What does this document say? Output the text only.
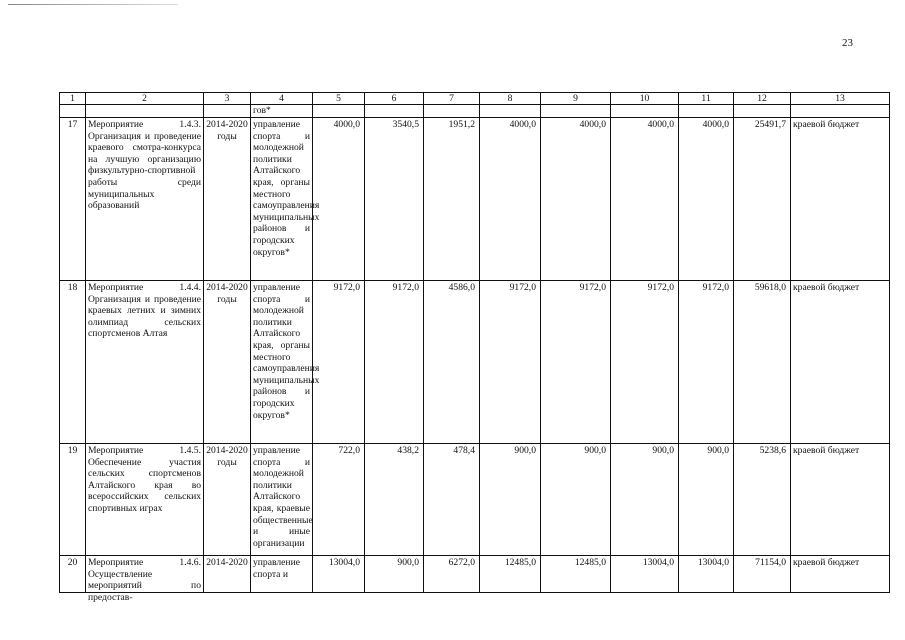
23
1	2	3	4	5	6	7	8	9	10	11	12	13
			гов*									
17	Мероприятие 1.4.3. Организация и проведение краевого смотра-конкурса на лучшую организацию физкультурно-спортивной работы среди муниципальных образований	2014-2020 годы	управление спорта и молодежной политики Алтайского края, органы местного самоуправления муниципальных районов и городских округов*	4000,0	3540,5	1951,2	4000,0	4000,0	4000,0	4000,0	25491,7	краевой бюджет
18	Мероприятие 1.4.4. Организация и проведение краевых летних и зимних олимпиад сельских спортсменов Алтая	2014-2020 годы	управление спорта и молодежной политики Алтайского края, органы местного самоуправления муниципальных районов и городских округов*	9172,0	9172,0	4586,0	9172,0	9172,0	9172,0	9172,0	59618,0	краевой бюджет
19	Мероприятие 1.4.5. Обеспечение участия сельских спортсменов Алтайского края во всероссийских сельских спортивных играх	2014-2020 годы	управление спорта и молодежной политики Алтайского края, краевые общественные и иные организации	722,0	438,2	478,4	900,0	900,0	900,0	900,0	5238,6	краевой бюджет
20	Мероприятие 1.4.6. Осуществление мероприятий по предостав-	2014-2020	управление спорта и	13004,0	900,0	6272,0	12485,0	12485,0	13004,0	13004,0	71154,0	краевой бюджет
